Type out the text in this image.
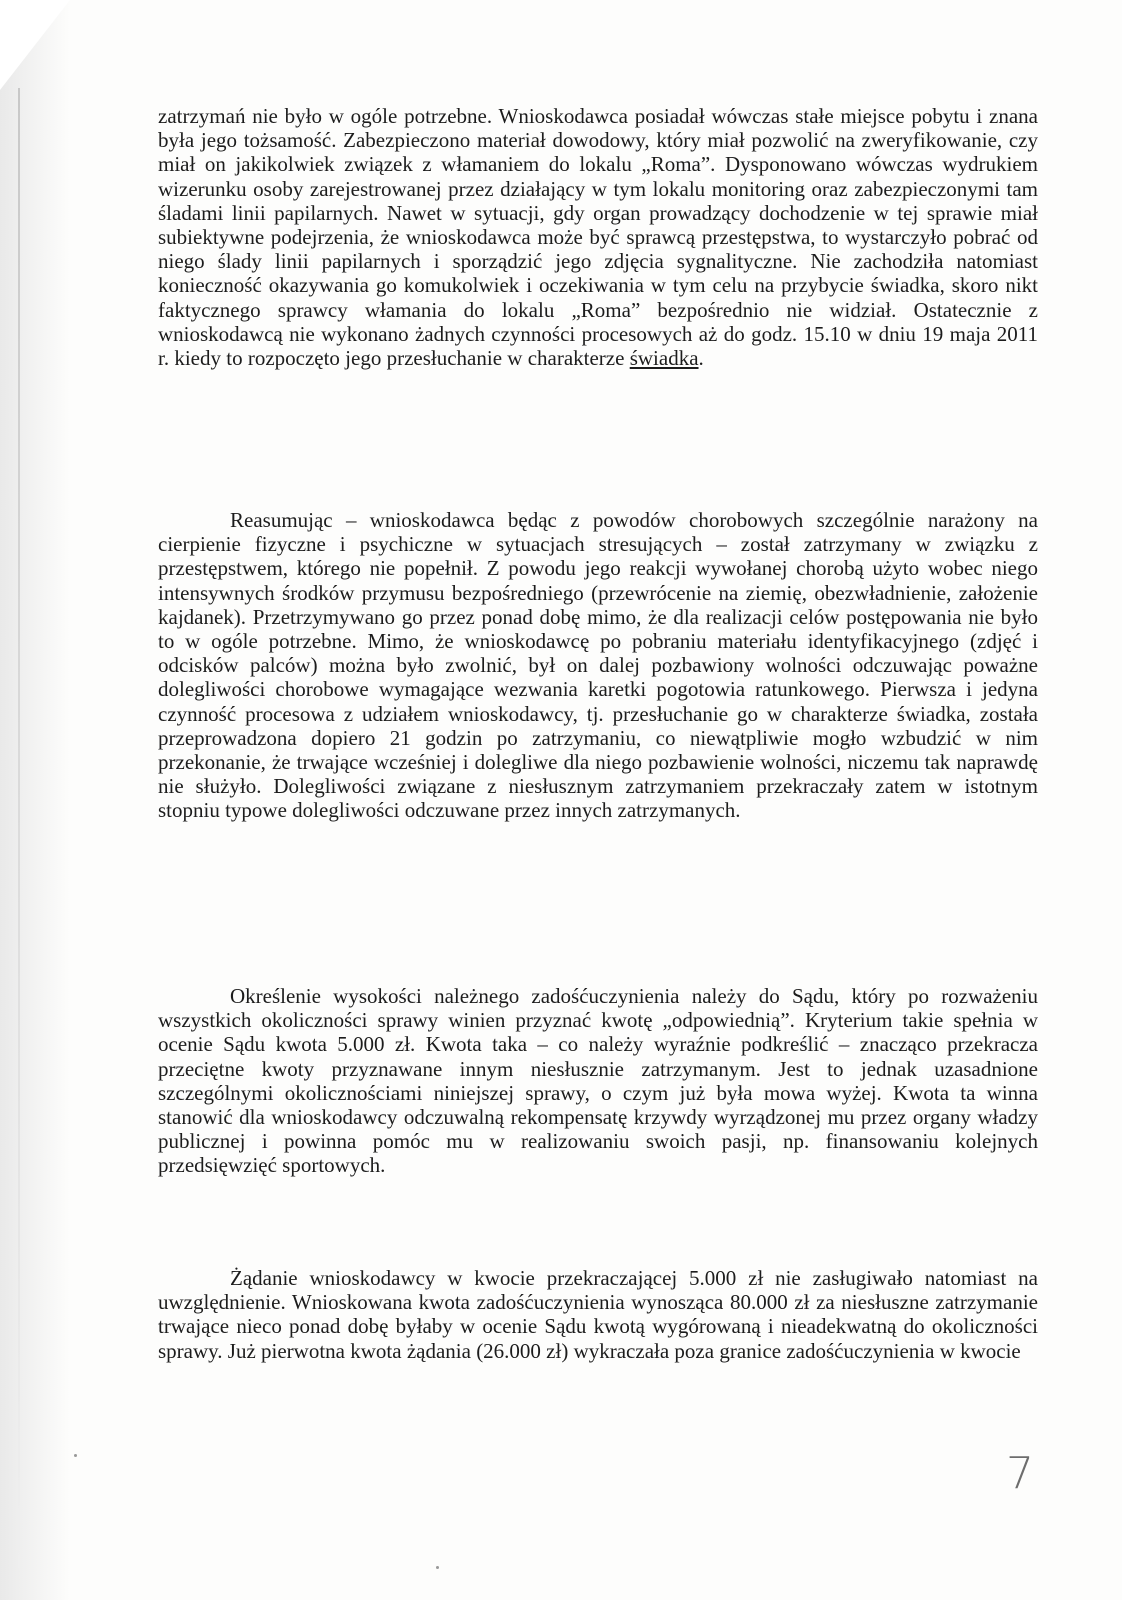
zatrzymań nie było w ogóle potrzebne. Wnioskodawca posiadał wówczas stałe miejsce pobytu i znana była jego tożsamość. Zabezpieczono materiał dowodowy, który miał pozwolić na zweryfikowanie, czy miał on jakikolwiek związek z włamaniem do lokalu „Roma”. Dysponowano wówczas wydrukiem wizerunku osoby zarejestrowanej przez działający w tym lokalu monitoring oraz zabezpieczonymi tam śladami linii papilarnych. Nawet w sytuacji, gdy organ prowadzący dochodzenie w tej sprawie miał subiektywne podejrzenia, że wnioskodawca może być sprawcą przestępstwa, to wystarczyło pobrać od niego ślady linii papilarnych i sporządzić jego zdjęcia sygnalityczne. Nie zachodziła natomiast konieczność okazywania go komukolwiek i oczekiwania w tym celu na przybycie świadka, skoro nikt faktycznego sprawcy włamania do lokalu „Roma” bezpośrednio nie widział. Ostatecznie z wnioskodawcą nie wykonano żadnych czynności procesowych aż do godz. 15.10 w dniu 19 maja 2011 r. kiedy to rozpoczęto jego przesłuchanie w charakterze świadka.

Reasumując – wnioskodawca będąc z powodów chorobowych szczególnie narażony na cierpienie fizyczne i psychiczne w sytuacjach stresujących – został zatrzymany w związku z przestępstwem, którego nie popełnił. Z powodu jego reakcji wywołanej chorobą użyto wobec niego intensywnych środków przymusu bezpośredniego (przewrócenie na ziemię, obezwładnienie, założenie kajdanek). Przetrzymywano go przez ponad dobę mimo, że dla realizacji celów postępowania nie było to w ogóle potrzebne. Mimo, że wnioskodawcę po pobraniu materiału identyfikacyjnego (zdjęć i odcisków palców) można było zwolnić, był on dalej pozbawiony wolności odczuwając poważne dolegliwości chorobowe wymagające wezwania karetki pogotowia ratunkowego. Pierwsza i jedyna czynność procesowa z udziałem wnioskodawcy, tj. przesłuchanie go w charakterze świadka, została przeprowadzona dopiero 21 godzin po zatrzymaniu, co niewątpliwie mogło wzbudzić w nim przekonanie, że trwające wcześniej i dolegliwe dla niego pozbawienie wolności, niczemu tak naprawdę nie służyło. Dolegliwości związane z niesłusznym zatrzymaniem przekraczały zatem w istotnym stopniu typowe dolegliwości odczuwane przez innych zatrzymanych.

Określenie wysokości należnego zadośćuczynienia należy do Sądu, który po rozważeniu wszystkich okoliczności sprawy winien przyznać kwotę „odpowiednią”. Kryterium takie spełnia w ocenie Sądu kwota 5.000 zł. Kwota taka – co należy wyraźnie podkreślić – znacząco przekracza przeciętne kwoty przyznawane innym niesłusznie zatrzymanym. Jest to jednak uzasadnione szczególnymi okolicznościami niniejszej sprawy, o czym już była mowa wyżej. Kwota ta winna stanowić dla wnioskodawcy odczuwalną rekompensatę krzywdy wyrządzonej mu przez organy władzy publicznej i powinna pomóc mu w realizowaniu swoich pasji, np. finansowaniu kolejnych przedsięwzięć sportowych.

Żądanie wnioskodawcy w kwocie przekraczającej 5.000 zł nie zasługiwało natomiast na uwzględnienie. Wnioskowana kwota zadośćuczynienia wynosząca 80.000 zł za niesłuszne zatrzymanie trwające nieco ponad dobę byłaby w ocenie Sądu kwotą wygórowaną i nieadekwatną do okoliczności sprawy. Już pierwotna kwota żądania (26.000 zł) wykraczała poza granice zadośćuczynienia w kwocie

7
